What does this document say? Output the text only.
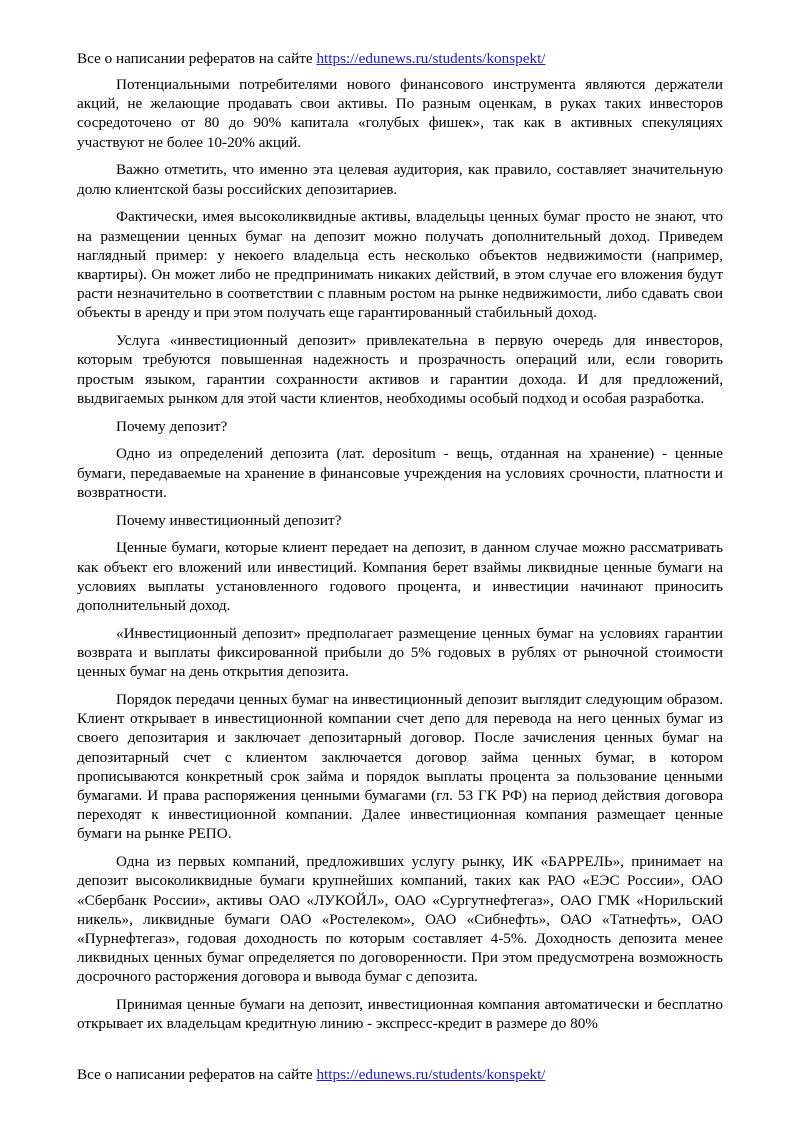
Все о написании рефератов на сайте https://edunews.ru/students/konspekt/

Потенциальными потребителями нового финансового инструмента являются держатели акций, не желающие продавать свои активы. По разным оценкам, в руках таких инвесторов сосредоточено от 80 до 90% капитала «голубых фишек», так как в активных спекуляциях участвуют не более 10-20% акций.

Важно отметить, что именно эта целевая аудитория, как правило, составляет значительную долю клиентской базы российских депозитариев.

Фактически, имея высоколиквидные активы, владельцы ценных бумаг просто не знают, что на размещении ценных бумаг на депозит можно получать дополнительный доход. Приведем наглядный пример: у некоего владельца есть несколько объектов недвижимости (например, квартиры). Он может либо не предпринимать никаких действий, в этом случае его вложения будут расти незначительно в соответствии с плавным ростом на рынке недвижимости, либо сдавать свои объекты в аренду и при этом получать еще гарантированный стабильный доход.

Услуга «инвестиционный депозит» привлекательна в первую очередь для инвесторов, которым требуются повышенная надежность и прозрачность операций или, если говорить простым языком, гарантии сохранности активов и гарантии дохода. И для предложений, выдвигаемых рынком для этой части клиентов, необходимы особый подход и особая разработка.

Почему депозит?

Одно из определений депозита (лат. depositum - вещь, отданная на хранение) - ценные бумаги, передаваемые на хранение в финансовые учреждения на условиях срочности, платности и возвратности.

Почему инвестиционный депозит?

Ценные бумаги, которые клиент передает на депозит, в данном случае можно рассматривать как объект его вложений или инвестиций. Компания берет взаймы ликвидные ценные бумаги на условиях выплаты установленного годового процента, и инвестиции начинают приносить дополнительный доход.

«Инвестиционный депозит» предполагает размещение ценных бумаг на условиях гарантии возврата и выплаты фиксированной прибыли до 5% годовых в рублях от рыночной стоимости ценных бумаг на день открытия депозита.

Порядок передачи ценных бумаг на инвестиционный депозит выглядит следующим образом. Клиент открывает в инвестиционной компании счет депо для перевода на него ценных бумаг из своего депозитария и заключает депозитарный договор. После зачисления ценных бумаг на депозитарный счет с клиентом заключается договор займа ценных бумаг, в котором прописываются конкретный срок займа и порядок выплаты процента за пользование ценными бумагами. И права распоряжения ценными бумагами (гл. 53 ГК РФ) на период действия договора переходят к инвестиционной компании. Далее инвестиционная компания размещает ценные бумаги на рынке РЕПО.

Одна из первых компаний, предложивших услугу рынку, ИК «БАРРЕЛЬ», принимает на депозит высоколиквидные бумаги крупнейших компаний, таких как РАО «ЕЭС России», ОАО «Сбербанк России», активы ОАО «ЛУКОЙЛ», ОАО «Сургутнефтегаз», ОАО ГМК «Норильский никель», ликвидные бумаги ОАО «Ростелеком», ОАО «Сибнефть», ОАО «Татнефть», ОАО «Пурнефтегаз», годовая доходность по которым составляет 4-5%. Доходность депозита менее ликвидных ценных бумаг определяется по договоренности. При этом предусмотрена возможность досрочного расторжения договора и вывода бумаг с депозита.

Принимая ценные бумаги на депозит, инвестиционная компания автоматически и бесплатно открывает их владельцам кредитную линию - экспресс-кредит в размере до 80%

Все о написании рефератов на сайте https://edunews.ru/students/konspekt/
